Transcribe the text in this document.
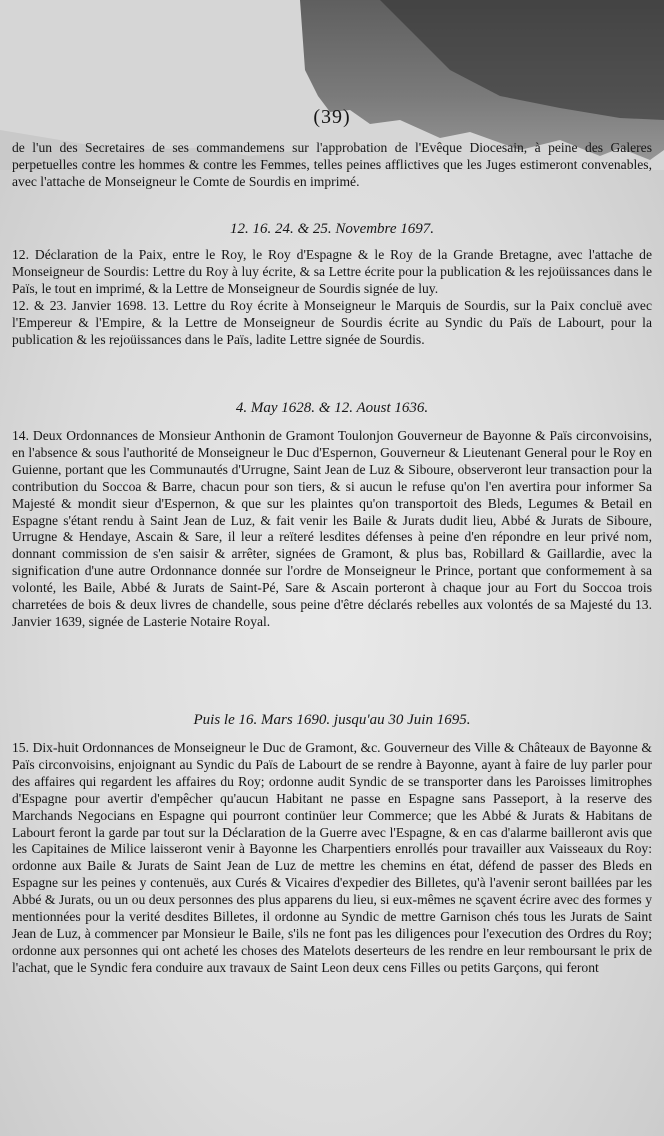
(39)

de l'un des Secretaires de ses commandemens sur l'approbation de l'Evêque Diocesain, à peine des Galeres perpetuelles contre les hommes & contre les Femmes, telles peines afflictives que les Juges estimeront convenables, avec l'attache de Monseigneur le Comte de Sourdis en imprimé.

12. 16. 24. & 25. Novembre 1697.

12. Déclaration de la Paix, entre le Roy, le Roy d'Espagne & le Roy de la Grande Bretagne, avec l'attache de Monseigneur de Sourdis: Lettre du Roy à luy écrite, & sa Lettre écrite pour la publication & les rejoüissances dans le Païs, le tout en imprimé, & la Lettre de Monseigneur de Sourdis signée de luy.

12. & 23. Janvier 1698. 13. Lettre du Roy écrite à Monseigneur le Marquis de Sourdis, sur la Paix concluë avec l'Empereur & l'Empire, & la Lettre de Monseigneur de Sourdis écrite au Syndic du Païs de Labourt, pour la publication & les rejoüissances dans le Païs, ladite Lettre signée de Sourdis.

4. May 1628. & 12. Aoust 1636.

14. Deux Ordonnances de Monsieur Anthonin de Gramont Toulonjon Gouverneur de Bayonne & Païs circonvoisins, en l'absence & sous l'authorité de Monseigneur le Duc d'Espernon, Gouverneur & Lieutenant General pour le Roy en Guienne, portant que les Communautés d'Urrugne, Saint Jean de Luz & Siboure, observeront leur transaction pour la contribution du Soccoa & Barre, chacun pour son tiers, & si aucun le refuse qu'on l'en avertira pour informer Sa Majesté & mondit sieur d'Espernon, & que sur les plaintes qu'on transportoit des Bleds, Legumes & Betail en Espagne s'étant rendu à Saint Jean de Luz, & fait venir les Baile & Jurats dudit lieu, Abbé & Jurats de Siboure, Urrugne & Hendaye, Ascain & Sare, il leur a reïteré lesdites défenses à peine d'en répondre en leur privé nom, donnant commission de s'en saisir & arrêter, signées de Gramont, & plus bas, Robillard & Gaillardie, avec la signification d'une autre Ordonnance donnée sur l'ordre de Monseigneur le Prince, portant que conformement à sa volonté, les Baile, Abbé & Jurats de Saint-Pé, Sare & Ascain porteront à chaque jour au Fort du Soccoa trois charretées de bois & deux livres de chandelle, sous peine d'être déclarés rebelles aux volontés de sa Majesté du 13. Janvier 1639, signée de Lasterie Notaire Royal.

Puis le 16. Mars 1690. jusqu'au 30 Juin 1695.

15. Dix-huit Ordonnances de Monseigneur le Duc de Gramont, &c. Gouverneur des Ville & Châteaux de Bayonne & Païs circonvoisins, enjoignant au Syndic du Païs de Labourt de se rendre à Bayonne, ayant à faire de luy parler pour des affaires qui regardent les affaires du Roy; ordonne audit Syndic de se transporter dans les Paroisses limitrophes d'Espagne pour avertir d'empêcher qu'aucun Habitant ne passe en Espagne sans Passeport, à la reserve des Marchands Negocians en Espagne qui pourront continüer leur Commerce; que les Abbé & Jurats & Habitans de Labourt feront la garde par tout sur la Déclaration de la Guerre avec l'Espagne, & en cas d'alarme bailleront avis que les Capitaines de Milice laisseront venir à Bayonne les Charpentiers enrollés pour travailler aux Vaisseaux du Roy: ordonne aux Baile & Jurats de Saint Jean de Luz de mettre les chemins en état, défend de passer des Bleds en Espagne sur les peines y contenuës, aux Curés & Vicaires d'expedier des Billetes, qu'à l'avenir seront baillées par les Abbé & Jurats, ou un ou deux personnes des plus apparens du lieu, si eux-mêmes ne sçavent écrire avec des formes y mentionnées pour la verité desdites Billetes, il ordonne au Syndic de mettre Garnison chés tous les Jurats de Saint Jean de Luz, à commencer par Monsieur le Baile, s'ils ne font pas les diligences pour l'execution des Ordres du Roy; ordonne aux personnes qui ont acheté les choses des Matelots deserteurs de les rendre en leur remboursant le prix de l'achat, que le Syndic fera conduire aux travaux de Saint Leon deux cens Filles ou petits Garçons, qui feront
